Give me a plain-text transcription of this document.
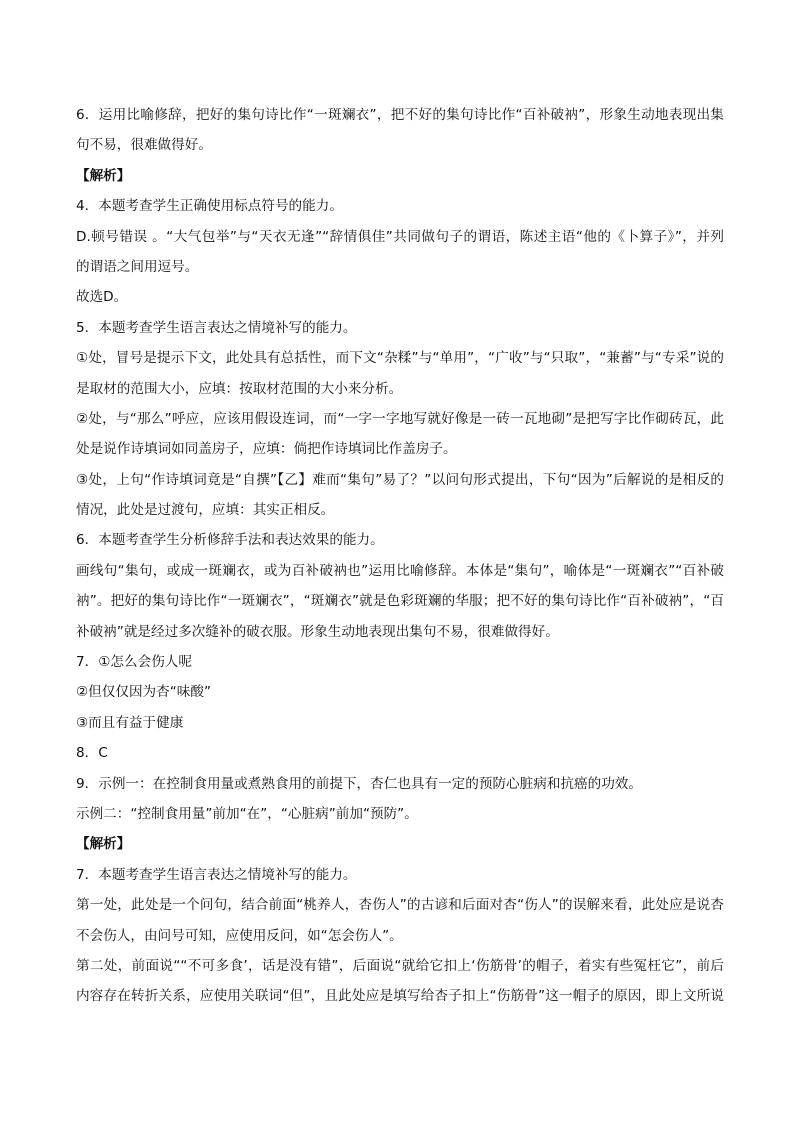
6．运用比喻修辞，把好的集句诗比作“一斑斓衣”，把不好的集句诗比作“百补破衲”，形象生动地表现出集
句不易，很难做得好。
【解析】
4．本题考查学生正确使用标点符号的能力。
D.顿号错误 。“大气包举”与“天衣无逢”“辞情俱佳”共同做句子的谓语，陈述主语“他的《卜算子》”，并列
的谓语之间用逗号。
故选D。
5．本题考查学生语言表达之情境补写的能力。
①处，冒号是提示下文，此处具有总括性，而下文“杂糅”与“单用”，“广收”与“只取”，“兼蓄”与“专采”说的
是取材的范围大小，应填：按取材范围的大小来分析。
②处，与“那么”呼应，应该用假设连词，而“一字一字地写就好像是一砖一瓦地砌”是把写字比作砌砖瓦，此
处是说作诗填词如同盖房子，应填：倘把作诗填词比作盖房子。
③处，上句“作诗填词竟是“自撰”【乙】难而“集句”易了？”以问句形式提出，下句“因为”后解说的是相反的
情况，此处是过渡句，应填：其实正相反。
6．本题考查学生分析修辞手法和表达效果的能力。
画线句“集句，或成一斑斓衣，或为百补破衲也”运用比喻修辞。本体是“集句”，喻体是“一斑斓衣”“百补破
衲”。把好的集句诗比作“一斑斓衣”，“斑斓衣”就是色彩斑斓的华服；把不好的集句诗比作“百补破衲”，“百
补破衲”就是经过多次缝补的破衣服。形象生动地表现出集句不易，很难做得好。
7．①怎么会伤人呢
②但仅仅因为杏“味酸”
③而且有益于健康
8．C
9．示例一：在控制食用量或煮熟食用的前提下，杏仁也具有一定的预防心脏病和抗癌的功效。
示例二：“控制食用量”前加“在”，“心脏病”前加“预防”。
【解析】
7．本题考查学生语言表达之情境补写的能力。
第一处，此处是一个问句，结合前面“桃养人，杏伤人”的古谚和后面对杏“伤人”的误解来看，此处应是说杏
不会伤人，由问号可知，应使用反问，如“怎会伤人”。
第二处，前面说““不可多食’，话是没有错”，后面说“就给它扣上‘伤筋骨’的帽子，着实有些冤枉它”，前后
内容存在转折关系，应使用关联词“但”，且此处应是填写给杏子扣上“伤筋骨”这一帽子的原因，即上文所说
